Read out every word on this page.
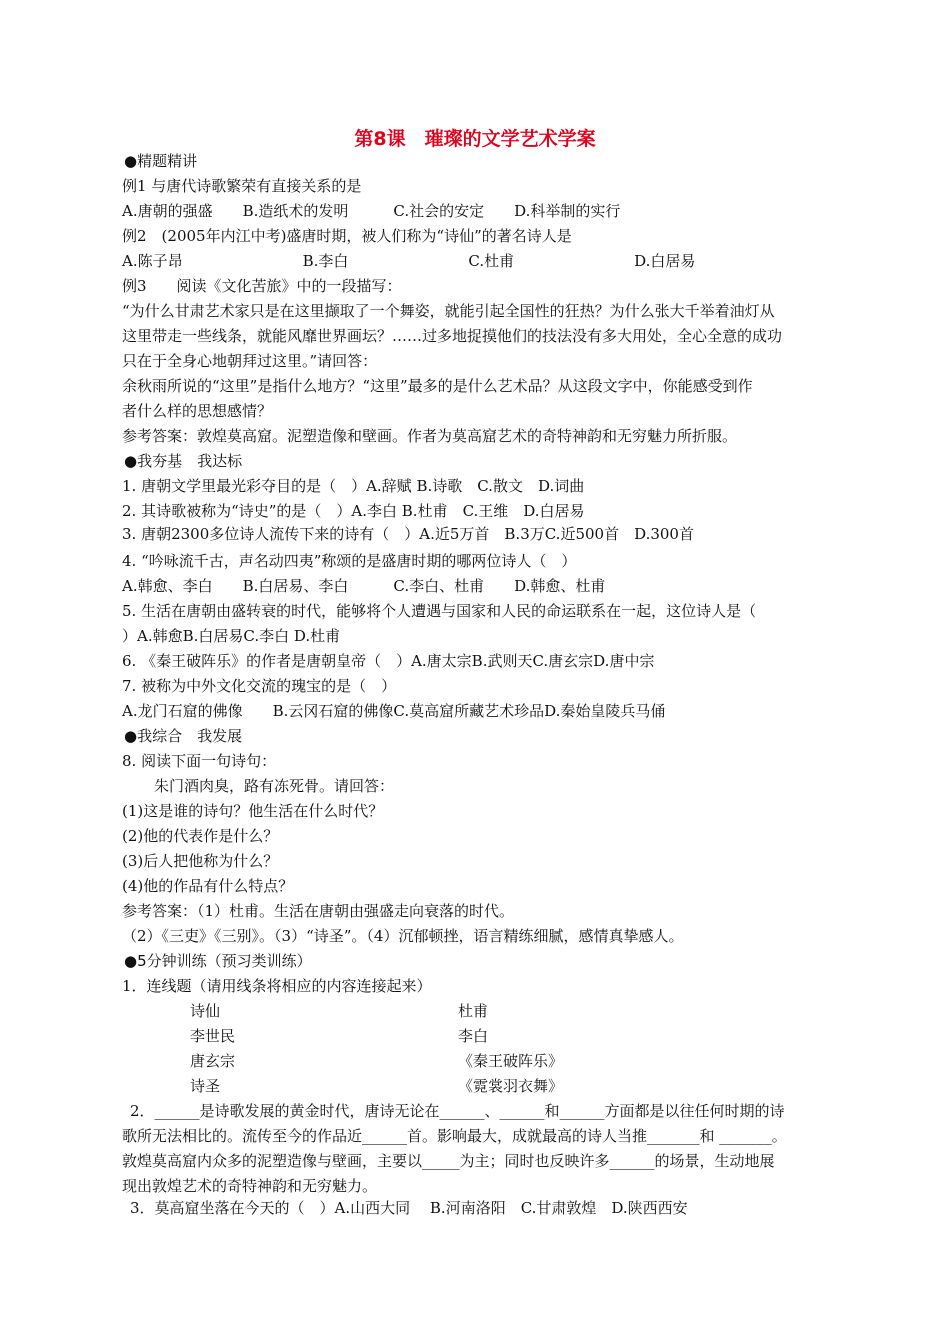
第8课　璀璨的文学艺术学案
●精题精讲
例1 与唐代诗歌繁荣有直接关系的是
A.唐朝的强盛　　B.造纸术的发明　　　C.社会的安定　　D.科举制的实行
例2　(2005年内江中考)盛唐时期，被人们称为“诗仙”的著名诗人是
A.陈子昂　　　　　　　　B.李白　　　　　　　　C.杜甫　　　　　　　　D.白居易
例3　　阅读《文化苦旅》中的一段描写：
“为什么甘肃艺术家只是在这里撷取了一个舞姿，就能引起全国性的狂热？为什么张大千举着油灯从
这里带走一些线条，就能风靡世界画坛？……过多地捉摸他们的技法没有多大用处，全心全意的成功
只在于全身心地朝拜过这里。”请回答：
余秋雨所说的“这里”是指什么地方？“这里”最多的是什么艺术品？从这段文字中，你能感受到作
者什么样的思想感情？
参考答案：敦煌莫高窟。泥塑造像和壁画。作者为莫高窟艺术的奇特神韵和无穷魅力所折服。
●我夯基　我达标
1. 唐朝文学里最光彩夺目的是（　）A.辞赋 B.诗歌　C.散文　D.词曲
2. 其诗歌被称为“诗史”的是（　）A.李白 B.杜甫　C.王维　D.白居易
3. 唐朝2300多位诗人流传下来的诗有（　）A.近5万首　B.3万C.近500首　D.300首
4. “吟咏流千古，声名动四夷”称颂的是盛唐时期的哪两位诗人（　）
A.韩愈、李白　　B.白居易、李白　　　C.李白、杜甫　　D.韩愈、杜甫
5. 生活在唐朝由盛转衰的时代，能够将个人遭遇与国家和人民的命运联系在一起，这位诗人是（
）A.韩愈B.白居易C.李白 D.杜甫
6. 《秦王破阵乐》的作者是唐朝皇帝（　）A.唐太宗B.武则天C.唐玄宗D.唐中宗
7. 被称为中外文化交流的瑰宝的是（　）
A.龙门石窟的佛像　　B.云冈石窟的佛像C.莫高窟所藏艺术珍品D.秦始皇陵兵马俑
●我综合　我发展
8. 阅读下面一句诗句：
朱门酒肉臭，路有冻死骨。请回答：
(1)这是谁的诗句？他生活在什么时代？
(2)他的代表作是什么？
(3)后人把他称为什么？
(4)他的作品有什么特点？
参考答案：（1）杜甫。生活在唐朝由强盛走向衰落的时代。
（2）《三吏》《三别》。（3）“诗圣”。（4）沉郁顿挫，语言精练细腻，感情真挚感人。
●5分钟训练（预习类训练）
1．连线题（请用线条将相应的内容连接起来）
诗仙	杜甫
李世民	李白
唐玄宗	《秦王破阵乐》
诗圣	《霓裳羽衣舞》
2．______是诗歌发展的黄金时代，唐诗无论在______、______和______方面都是以往任何时期的诗
歌所无法相比的。流传至今的作品近______首。影响最大，成就最高的诗人当推_______和 _______。
敦煌莫高窟内众多的泥塑造像与壁画，主要以_____为主；同时也反映许多______的场景，生动地展
现出敦煌艺术的奇特神韵和无穷魅力。
3．莫高窟坐落在今天的（　）A.山西大同　 B.河南洛阳　C.甘肃敦煌　D.陕西西安
